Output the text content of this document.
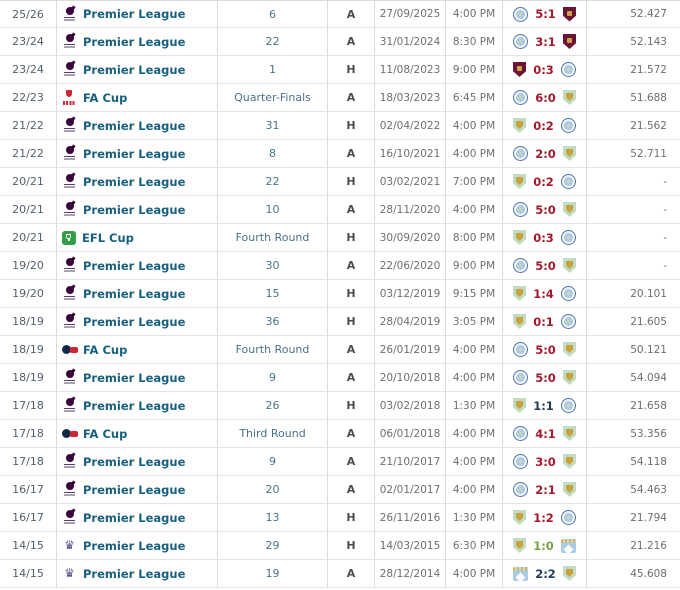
25/26	Premier League	6	A	27/09/2025	4:00 PM	5:1	52.427
23/24	Premier League	22	A	31/01/2024	8:30 PM	3:1	52.143
23/24	Premier League	1	H	11/08/2023	9:00 PM	0:3	21.572
22/23	FA Cup	Quarter-Finals	A	18/03/2023	6:45 PM	6:0	51.688
21/22	Premier League	31	H	02/04/2022	4:00 PM	0:2	21.562
21/22	Premier League	8	A	16/10/2021	4:00 PM	2:0	52.711
20/21	Premier League	22	H	03/02/2021	7:00 PM	0:2	-
20/21	Premier League	10	A	28/11/2020	4:00 PM	5:0	-
20/21	EFL Cup	Fourth Round	H	30/09/2020	8:00 PM	0:3	-
19/20	Premier League	30	A	22/06/2020	9:00 PM	5:0	-
19/20	Premier League	15	H	03/12/2019	9:15 PM	1:4	20.101
18/19	Premier League	36	H	28/04/2019	3:05 PM	0:1	21.605
18/19	FA Cup	Fourth Round	A	26/01/2019	4:00 PM	5:0	50.121
18/19	Premier League	9	A	20/10/2018	4:00 PM	5:0	54.094
17/18	Premier League	26	H	03/02/2018	1:30 PM	1:1	21.658
17/18	FA Cup	Third Round	A	06/01/2018	4:00 PM	4:1	53.356
17/18	Premier League	9	A	21/10/2017	4:00 PM	3:0	54.118
16/17	Premier League	20	A	02/01/2017	4:00 PM	2:1	54.463
16/17	Premier League	13	H	26/11/2016	1:30 PM	1:2	21.794
14/15	♛ Premier League	29	H	14/03/2015	6:30 PM	1:0	21.216
14/15	♛ Premier League	19	A	28/12/2014	4:00 PM	2:2	45.608
